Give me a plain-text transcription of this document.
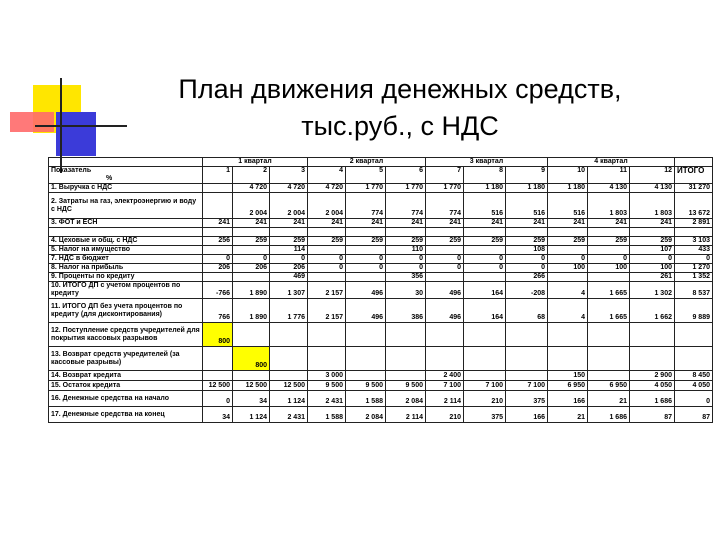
План движения денежных средств,
тыс.руб., с НДС
	1 квартал			2 квартал			3 квартал			4 квартал			

Показатель
%	1	2	3	4	5	6	7	8	9	10	11	12	ИТОГО
1. Выручка с НДС		4 720	4 720	4 720	1 770	1 770	1 770	1 180	1 180	1 180	4 130	4 130	31 270
2. Затраты на газ, электроэнергию и воду с НДС		2 004	2 004	2 004	774	774	774	516	516	516	1 803	1 803	13 672
3. ФОТ и ЕСН	241	241	241	241	241	241	241	241	241	241	241	241	2 891

4. Цеховые и общ. с НДС	256	259	259	259	259	259	259	259	259	259	259	259	3 103
5. Налог на имущество			114			110			108			107	433
7. НДС в бюджет	0	0	0	0	0	0	0	0	0	0	0	0	0
8. Налог на прибыль	206	206	206	0	0	0	0	0	0	100	100	100	1 270
9. Проценты по кредиту			469			356			266			261	1 352
10. ИТОГО ДП с учетом процентов по кредиту	-766	1 890	1 307	2 157	496	30	496	164	-208	4	1 665	1 302	8 537
11. ИТОГО ДП без учета процентов по кредиту (для дисконтирования)	766	1 890	1 776	2 157	496	386	496	164	68	4	1 665	1 662	9 889
12. Поступление средств учредителей для покрытия кассовых разрывов	800												
13. Возврат средств учредителей (за кассовые разрывы)		800											
14. Возврат кредита				3 000			2 400			150		2 900	8 450
15. Остаток кредита	12 500	12 500	12 500	9 500	9 500	9 500	7 100	7 100	7 100	6 950	6 950	4 050	4 050
16. Денежные средства на начало	0	34	1 124	2 431	1 588	2 084	2 114	210	375	166	21	1 686	0
17. Денежные средства на конец	34	1 124	2 431	1 588	2 084	2 114	210	375	166	21	1 686	87	87
